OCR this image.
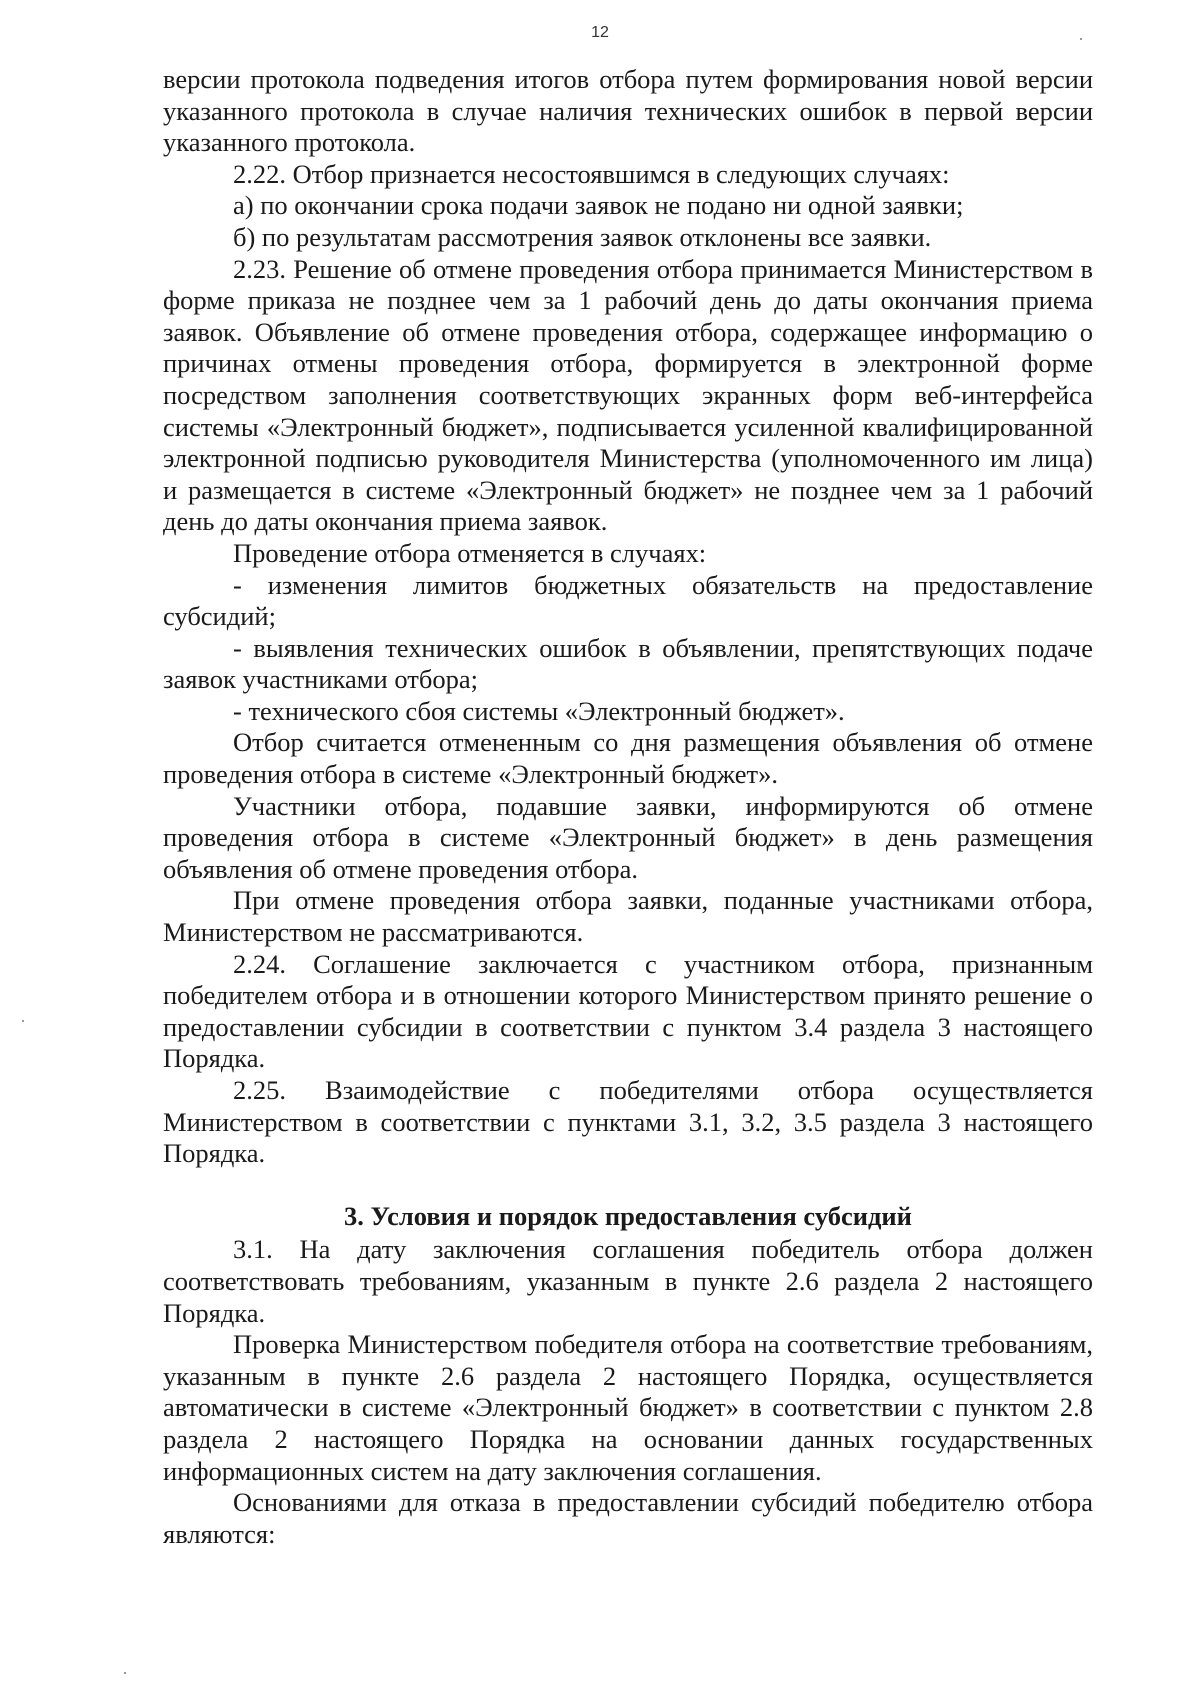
12

версии протокола подведения итогов отбора путем формирования новой версии указанного протокола в случае наличия технических ошибок в первой версии указанного протокола.

2.22. Отбор признается несостоявшимся в следующих случаях:

а) по окончании срока подачи заявок не подано ни одной заявки;

б) по результатам рассмотрения заявок отклонены все заявки.

2.23. Решение об отмене проведения отбора принимается Министерством в форме приказа не позднее чем за 1 рабочий день до даты окончания приема заявок. Объявление об отмене проведения отбора, содержащее информацию о причинах отмены проведения отбора, формируется в электронной форме посредством заполнения соответствующих экранных форм веб-интерфейса системы «Электронный бюджет», подписывается усиленной квалифицированной электронной подписью руководителя Министерства (уполномоченного им лица) и размещается в системе «Электронный бюджет» не позднее чем за 1 рабочий день до даты окончания приема заявок.

Проведение отбора отменяется в случаях:

- изменения лимитов бюджетных обязательств на предоставление субсидий;

- выявления технических ошибок в объявлении, препятствующих подаче заявок участниками отбора;

- технического сбоя системы «Электронный бюджет».

Отбор считается отмененным со дня размещения объявления об отмене проведения отбора в системе «Электронный бюджет».

Участники отбора, подавшие заявки, информируются об отмене проведения отбора в системе «Электронный бюджет» в день размещения объявления об отмене проведения отбора.

При отмене проведения отбора заявки, поданные участниками отбора, Министерством не рассматриваются.

2.24. Соглашение заключается с участником отбора, признанным победителем отбора и в отношении которого Министерством принято решение о предоставлении субсидии в соответствии с пунктом 3.4 раздела 3 настоящего Порядка.

2.25. Взаимодействие с победителями отбора осуществляется Министерством в соответствии с пунктами 3.1, 3.2, 3.5 раздела 3 настоящего Порядка.

3. Условия и порядок предоставления субсидий

3.1. На дату заключения соглашения победитель отбора должен соответствовать требованиям, указанным в пункте 2.6 раздела 2 настоящего Порядка.

Проверка Министерством победителя отбора на соответствие требованиям, указанным в пункте 2.6 раздела 2 настоящего Порядка, осуществляется автоматически в системе «Электронный бюджет» в соответствии с пунктом 2.8 раздела 2 настоящего Порядка на основании данных государственных информационных систем на дату заключения соглашения.

Основаниями для отказа в предоставлении субсидий победителю отбора являются:
